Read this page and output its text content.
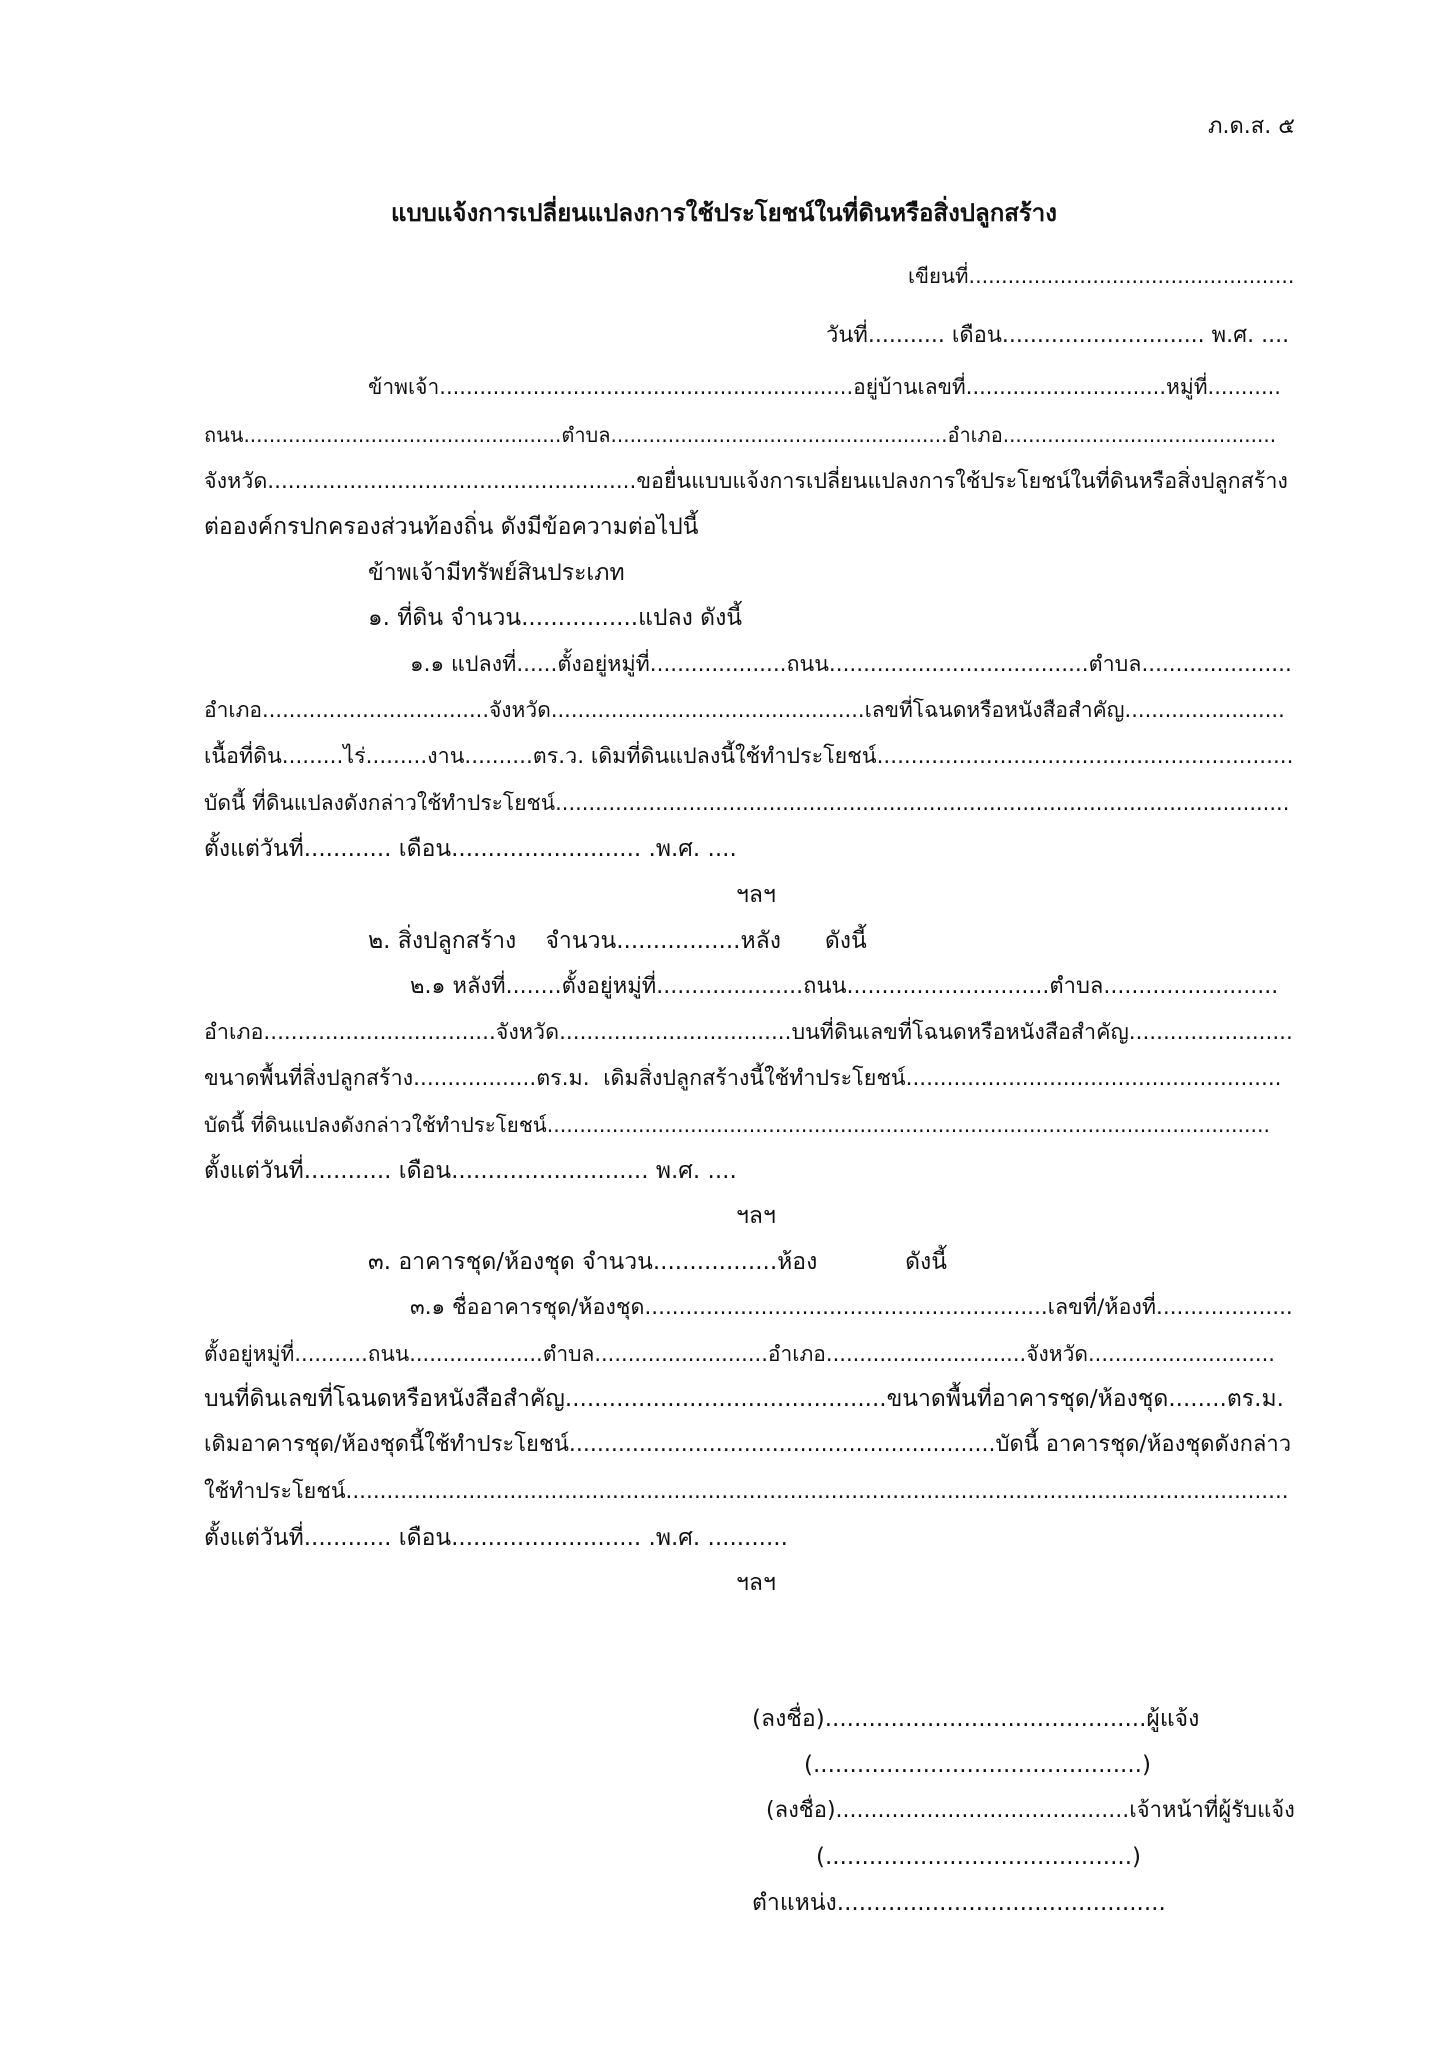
ภ.ด.ส. ๕
แบบแจ้งการเปลี่ยนแปลงการใช้ประโยชน์ในที่ดินหรือสิ่งปลูกสร้าง
เขียนที่..................................................
วันที่........... เดือน............................. พ.ศ. ....
ข้าพเจ้า..............................................................อยู่บ้านเลขที่..............................หมู่ที่...........
ถนน..................................................ตำบล.....................................................อำเภอ...........................................
จังหวัด......................................................ขอยื่นแบบแจ้งการเปลี่ยนแปลงการใช้ประโยชน์ในที่ดินหรือสิ่งปลูกสร้าง
ต่อองค์กรปกครองส่วนท้องถิ่น ดังมีข้อความต่อไปนี้
ข้าพเจ้ามีทรัพย์สินประเภท
๑. ที่ดิน จำนวน................แปลง ดังนี้
๑.๑ แปลงที่......ตั้งอยู่หมู่ที่....................ถนน......................................ตำบล......................
อำเภอ..................................จังหวัด...............................................เลขที่โฉนดหรือหนังสือสำคัญ........................
เนื้อที่ดิน.........ไร่.........งาน..........ตร.ว. เดิมที่ดินแปลงนี้ใช้ทำประโยชน์.............................................................
บัดนี้ ที่ดินแปลงดังกล่าวใช้ทำประโยชน์..............................................................................................................
ตั้งแต่วันที่............ เดือน.......................... .พ.ศ. ....
ฯลฯ
๒. สิ่งปลูกสร้าง    จำนวน.................หลัง      ดังนี้
๒.๑ หลังที่........ตั้งอยู่หมู่ที่.....................ถนน.............................ตำบล.........................
อำเภอ..................................จังหวัด..................................บนที่ดินเลขที่โฉนดหรือหนังสือสำคัญ........................
ขนาดพื้นที่สิ่งปลูกสร้าง..................ตร.ม.  เดิมสิ่งปลูกสร้างนี้ใช้ทำประโยชน์.......................................................
บัดนี้ ที่ดินแปลงดังกล่าวใช้ทำประโยชน์...............................................................................................................
ตั้งแต่วันที่............ เดือน........................... พ.ศ. ....
ฯลฯ
๓. อาคารชุด/ห้องชุด จำนวน.................ห้อง            ดังนี้
๓.๑ ชื่ออาคารชุด/ห้องชุด...........................................................เลขที่/ห้องที่....................
ตั้งอยู่หมู่ที่...........ถนน....................ตำบล..........................อำเภอ..............................จังหวัด............................
บนที่ดินเลขที่โฉนดหรือหนังสือสำคัญ............................................ขนาดพื้นที่อาคารชุด/ห้องชุด........ตร.ม.
เดิมอาคารชุด/ห้องชุดนี้ใช้ทำประโยชน์.............................................................บัดนี้ อาคารชุด/ห้องชุดดังกล่าว
ใช้ทำประโยชน์..........................................................................................................................................
ตั้งแต่วันที่............ เดือน.......................... .พ.ศ. ...........
ฯลฯ
(ลงชื่อ)............................................ผู้แจ้ง
(.............................................)
(ลงชื่อ)..........................................เจ้าหน้าที่ผู้รับแจ้ง
(..........................................)
ตำแหน่ง.............................................
